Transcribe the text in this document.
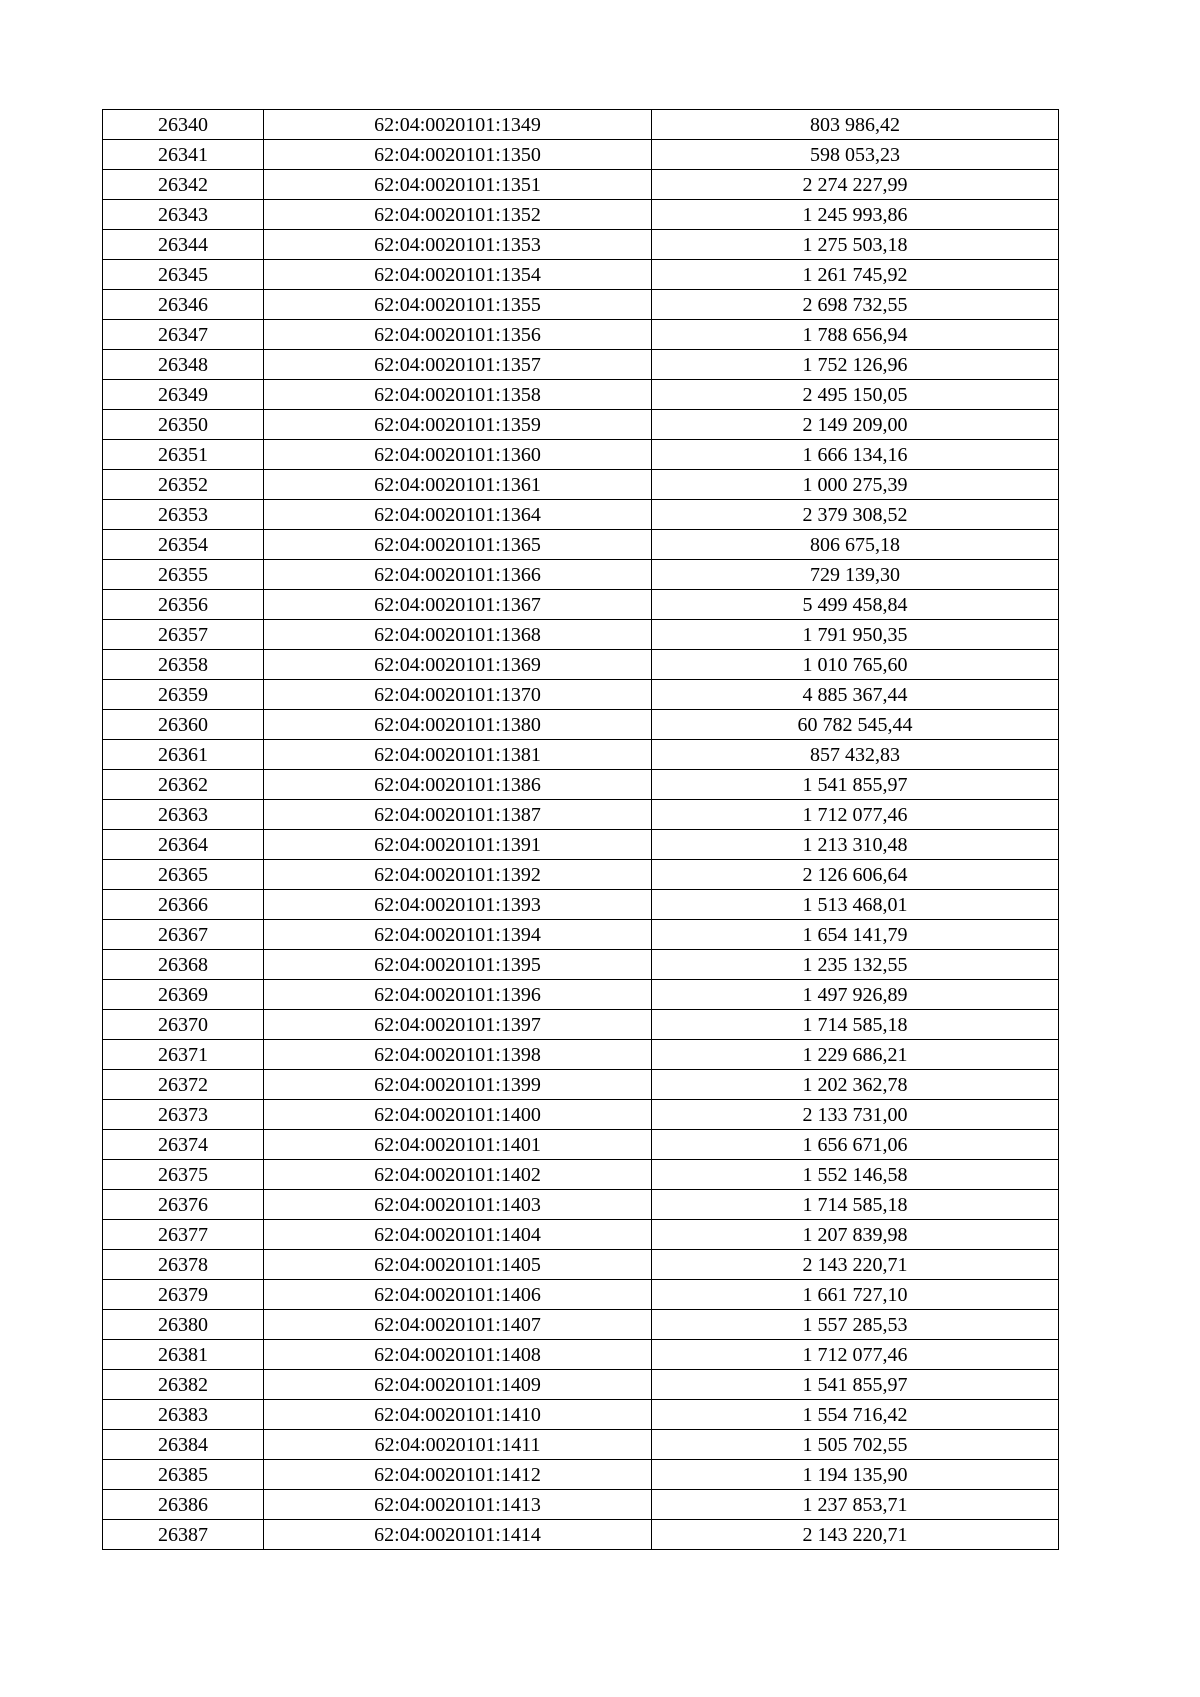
26340	62:04:0020101:1349	803 986,42
26341	62:04:0020101:1350	598 053,23
26342	62:04:0020101:1351	2 274 227,99
26343	62:04:0020101:1352	1 245 993,86
26344	62:04:0020101:1353	1 275 503,18
26345	62:04:0020101:1354	1 261 745,92
26346	62:04:0020101:1355	2 698 732,55
26347	62:04:0020101:1356	1 788 656,94
26348	62:04:0020101:1357	1 752 126,96
26349	62:04:0020101:1358	2 495 150,05
26350	62:04:0020101:1359	2 149 209,00
26351	62:04:0020101:1360	1 666 134,16
26352	62:04:0020101:1361	1 000 275,39
26353	62:04:0020101:1364	2 379 308,52
26354	62:04:0020101:1365	806 675,18
26355	62:04:0020101:1366	729 139,30
26356	62:04:0020101:1367	5 499 458,84
26357	62:04:0020101:1368	1 791 950,35
26358	62:04:0020101:1369	1 010 765,60
26359	62:04:0020101:1370	4 885 367,44
26360	62:04:0020101:1380	60 782 545,44
26361	62:04:0020101:1381	857 432,83
26362	62:04:0020101:1386	1 541 855,97
26363	62:04:0020101:1387	1 712 077,46
26364	62:04:0020101:1391	1 213 310,48
26365	62:04:0020101:1392	2 126 606,64
26366	62:04:0020101:1393	1 513 468,01
26367	62:04:0020101:1394	1 654 141,79
26368	62:04:0020101:1395	1 235 132,55
26369	62:04:0020101:1396	1 497 926,89
26370	62:04:0020101:1397	1 714 585,18
26371	62:04:0020101:1398	1 229 686,21
26372	62:04:0020101:1399	1 202 362,78
26373	62:04:0020101:1400	2 133 731,00
26374	62:04:0020101:1401	1 656 671,06
26375	62:04:0020101:1402	1 552 146,58
26376	62:04:0020101:1403	1 714 585,18
26377	62:04:0020101:1404	1 207 839,98
26378	62:04:0020101:1405	2 143 220,71
26379	62:04:0020101:1406	1 661 727,10
26380	62:04:0020101:1407	1 557 285,53
26381	62:04:0020101:1408	1 712 077,46
26382	62:04:0020101:1409	1 541 855,97
26383	62:04:0020101:1410	1 554 716,42
26384	62:04:0020101:1411	1 505 702,55
26385	62:04:0020101:1412	1 194 135,90
26386	62:04:0020101:1413	1 237 853,71
26387	62:04:0020101:1414	2 143 220,71
